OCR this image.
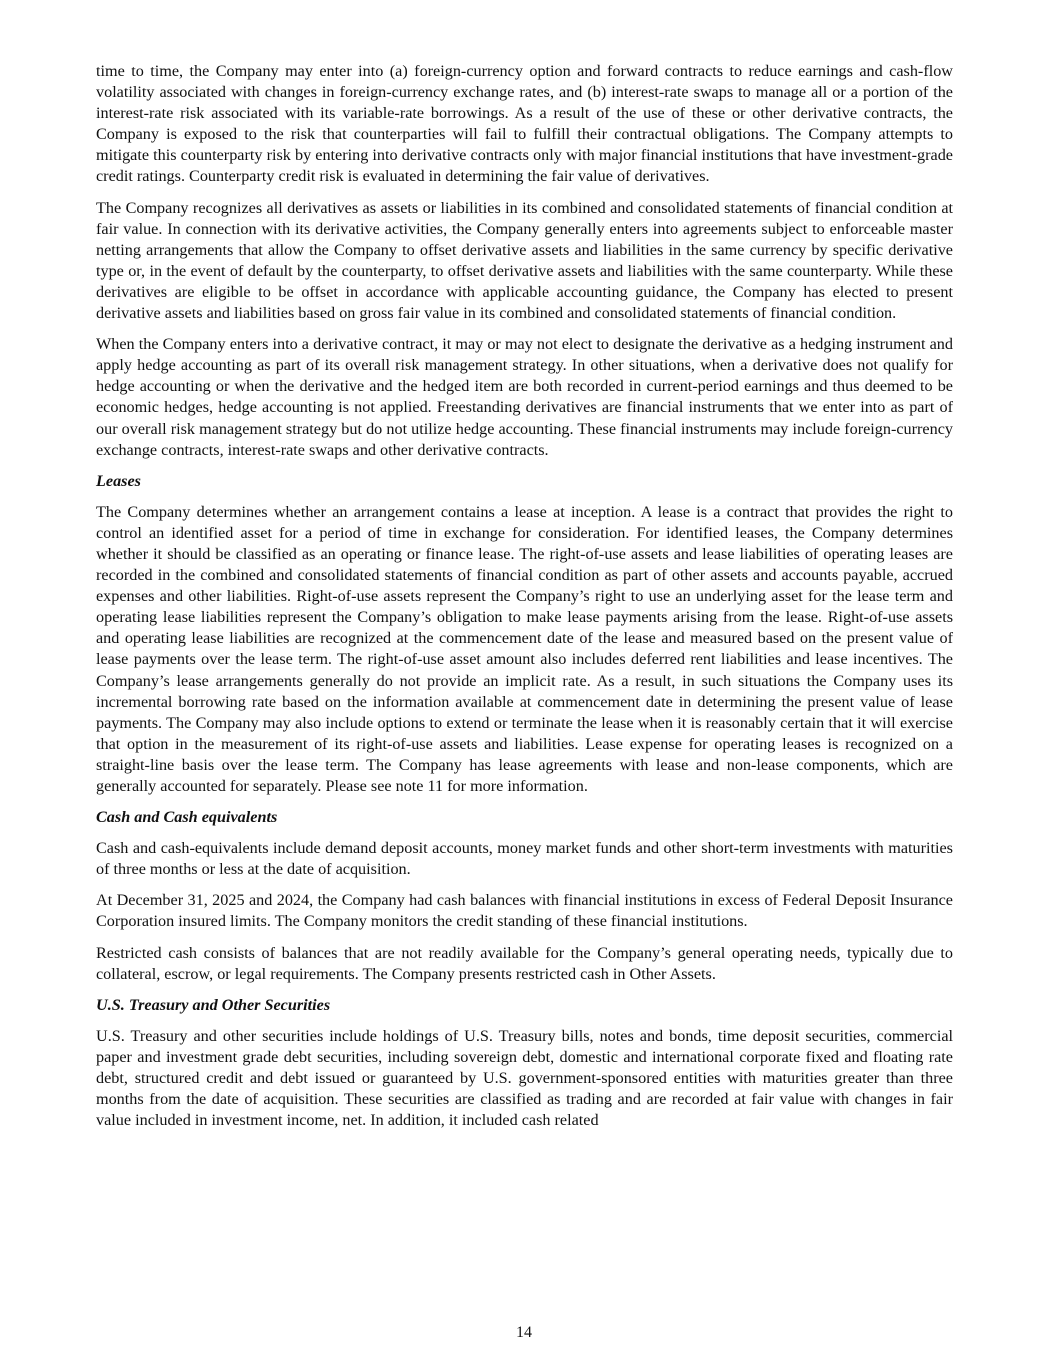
time to time, the Company may enter into (a) foreign-currency option and forward contracts to reduce earnings and cash-flow volatility associated with changes in foreign-currency exchange rates, and (b) interest-rate swaps to manage all or a portion of the interest-rate risk associated with its variable-rate borrowings. As a result of the use of these or other derivative contracts, the Company is exposed to the risk that counterparties will fail to fulfill their contractual obligations. The Company attempts to mitigate this counterparty risk by entering into derivative contracts only with major financial institutions that have investment-grade credit ratings. Counterparty credit risk is evaluated in determining the fair value of derivatives.

The Company recognizes all derivatives as assets or liabilities in its combined and consolidated statements of financial condition at fair value. In connection with its derivative activities, the Company generally enters into agreements subject to enforceable master netting arrangements that allow the Company to offset derivative assets and liabilities in the same currency by specific derivative type or, in the event of default by the counterparty, to offset derivative assets and liabilities with the same counterparty. While these derivatives are eligible to be offset in accordance with applicable accounting guidance, the Company has elected to present derivative assets and liabilities based on gross fair value in its combined and consolidated statements of financial condition.

When the Company enters into a derivative contract, it may or may not elect to designate the derivative as a hedging instrument and apply hedge accounting as part of its overall risk management strategy. In other situations, when a derivative does not qualify for hedge accounting or when the derivative and the hedged item are both recorded in current-period earnings and thus deemed to be economic hedges, hedge accounting is not applied. Freestanding derivatives are financial instruments that we enter into as part of our overall risk management strategy but do not utilize hedge accounting. These financial instruments may include foreign-currency exchange contracts, interest-rate swaps and other derivative contracts.

Leases

The Company determines whether an arrangement contains a lease at inception. A lease is a contract that provides the right to control an identified asset for a period of time in exchange for consideration. For identified leases, the Company determines whether it should be classified as an operating or finance lease. The right-of-use assets and lease liabilities of operating leases are recorded in the combined and consolidated statements of financial condition as part of other assets and accounts payable, accrued expenses and other liabilities. Right-of-use assets represent the Company’s right to use an underlying asset for the lease term and operating lease liabilities represent the Company’s obligation to make lease payments arising from the lease. Right-of-use assets and operating lease liabilities are recognized at the commencement date of the lease and measured based on the present value of lease payments over the lease term. The right-of-use asset amount also includes deferred rent liabilities and lease incentives. The Company’s lease arrangements generally do not provide an implicit rate. As a result, in such situations the Company uses its incremental borrowing rate based on the information available at commencement date in determining the present value of lease payments. The Company may also include options to extend or terminate the lease when it is reasonably certain that it will exercise that option in the measurement of its right-of-use assets and liabilities. Lease expense for operating leases is recognized on a straight-line basis over the lease term. The Company has lease agreements with lease and non-lease components, which are generally accounted for separately. Please see note 11 for more information.

Cash and Cash equivalents

Cash and cash-equivalents include demand deposit accounts, money market funds and other short-term investments with maturities of three months or less at the date of acquisition.

At December 31, 2025 and 2024, the Company had cash balances with financial institutions in excess of Federal Deposit Insurance Corporation insured limits. The Company monitors the credit standing of these financial institutions.

Restricted cash consists of balances that are not readily available for the Company’s general operating needs, typically due to collateral, escrow, or legal requirements. The Company presents restricted cash in Other Assets.

U.S. Treasury and Other Securities

U.S. Treasury and other securities include holdings of U.S. Treasury bills, notes and bonds, time deposit securities, commercial paper and investment grade debt securities, including sovereign debt, domestic and international corporate fixed and floating rate debt, structured credit and debt issued or guaranteed by U.S. government-sponsored entities with maturities greater than three months from the date of acquisition. These securities are classified as trading and are recorded at fair value with changes in fair value included in investment income, net. In addition, it included cash related

14
